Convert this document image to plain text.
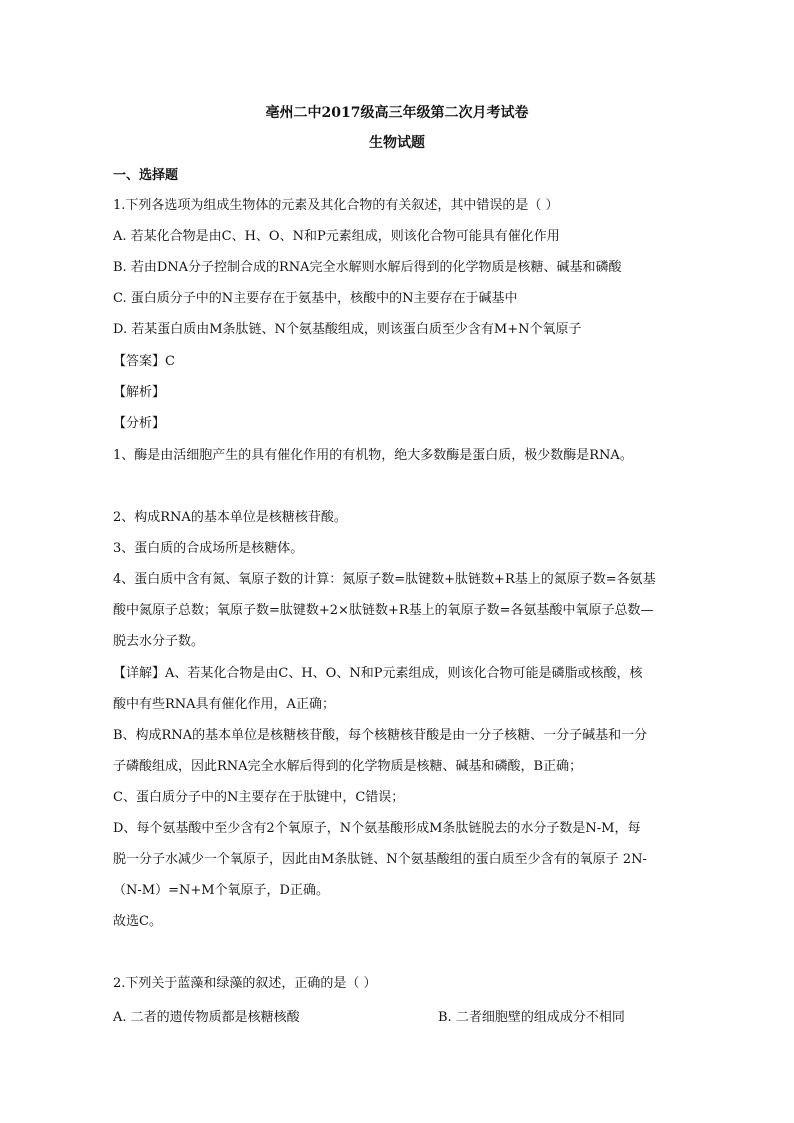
亳州二中2017级高三年级第二次月考试卷
生物试题
一、选择题
1.下列各选项为组成生物体的元素及其化合物的有关叙述，其中错误的是（ ）
A. 若某化合物是由C、H、O、N和P元素组成，则该化合物可能具有催化作用
B. 若由DNA分子控制合成的RNA完全水解则水解后得到的化学物质是核糖、碱基和磷酸
C. 蛋白质分子中的N主要存在于氨基中，核酸中的N主要存在于碱基中
D. 若某蛋白质由M条肽链、N个氨基酸组成，则该蛋白质至少含有M+N个氧原子
【答案】C
【解析】
【分析】
1、酶是由活细胞产生的具有催化作用的有机物，绝大多数酶是蛋白质，极少数酶是RNA。
2、构成RNA的基本单位是核糖核苷酸。
3、蛋白质的合成场所是核糖体。
4、蛋白质中含有氮、氧原子数的计算：氮原子数=肽键数+肽链数+R基上的氮原子数=各氨基
酸中氮原子总数；氧原子数=肽键数+2×肽链数+R基上的氧原子数=各氨基酸中氧原子总数—
脱去水分子数。
【详解】A、若某化合物是由C、H、O、N和P元素组成，则该化合物可能是磷脂或核酸，核
酸中有些RNA具有催化作用，A正确；
B、构成RNA的基本单位是核糖核苷酸，每个核糖核苷酸是由一分子核糖、一分子碱基和一分
子磷酸组成，因此RNA完全水解后得到的化学物质是核糖、碱基和磷酸，B正确；
C、蛋白质分子中的N主要存在于肽键中，C错误；
D、每个氨基酸中至少含有2个氧原子，N个氨基酸形成M条肽链脱去的水分子数是N-M，每
脱一分子水减少一个氧原子，因此由M条肽链、N个氨基酸组的蛋白质至少含有的氧原子 2N-
（N-M）=N+M个氧原子，D正确。
故选C。
2.下列关于蓝藻和绿藻的叙述，正确的是（ ）
A. 二者的遗传物质都是核糖核酸	B. 二者细胞壁的组成成分不相同
